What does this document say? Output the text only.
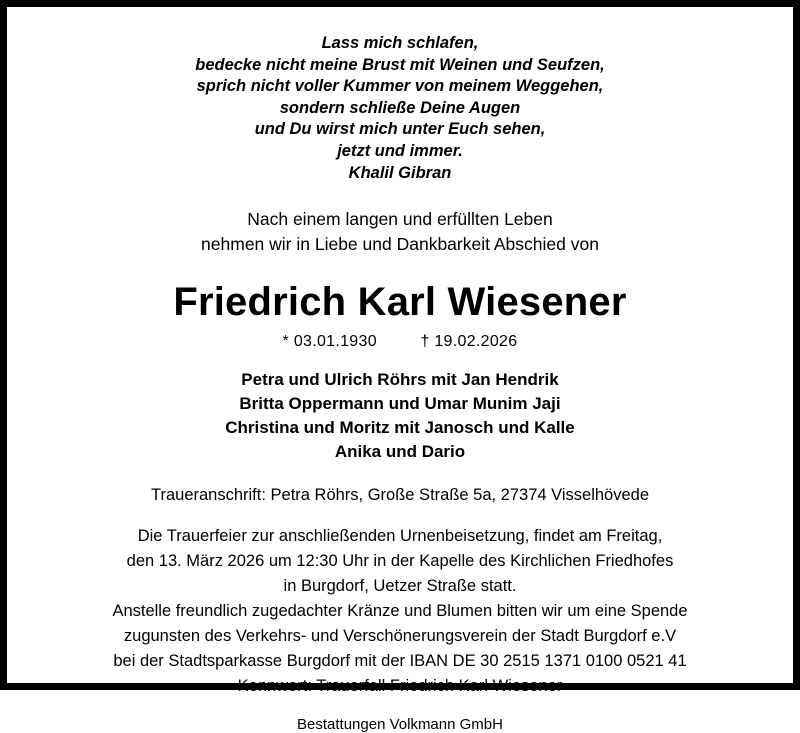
Lass mich schlafen,
bedecke nicht meine Brust mit Weinen und Seufzen,
sprich nicht voller Kummer von meinem Weggehen,
sondern schließe Deine Augen
und Du wirst mich unter Euch sehen,
jetzt und immer.
Khalil Gibran
Nach einem langen und erfüllten Leben
nehmen wir in Liebe und Dankbarkeit Abschied von
Friedrich Karl Wiesener
* 03.01.1930	† 19.02.2026
Petra und Ulrich Röhrs mit Jan Hendrik
Britta Oppermann und Umar Munim Jaji
Christina und Moritz mit Janosch und Kalle
Anika und Dario
Traueranschrift: Petra Röhrs, Große Straße 5a, 27374 Visselhövede
Die Trauerfeier zur anschließenden Urnenbeisetzung, findet am Freitag,
den 13. März 2026 um 12:30 Uhr in der Kapelle des Kirchlichen Friedhofes
in Burgdorf, Uetzer Straße statt.
Anstelle freundlich zugedachter Kränze und Blumen bitten wir um eine Spende
zugunsten des Verkehrs- und Verschönerungsverein der Stadt Burgdorf e.V
bei der Stadtsparkasse Burgdorf mit der IBAN DE 30 2515 1371 0100 0521 41
Kennwort: Trauerfall Friedrich Karl Wiesener
Bestattungen Volkmann GmbH
